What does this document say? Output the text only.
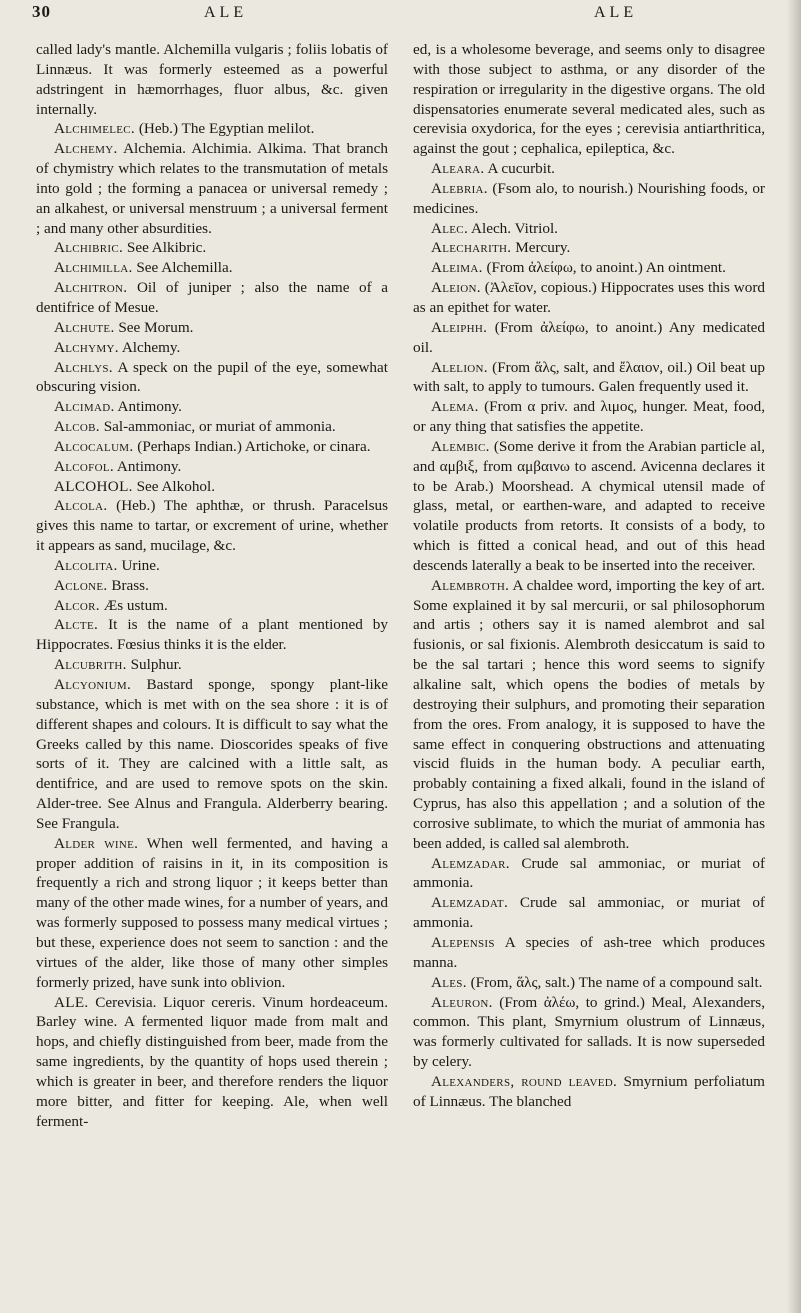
30	ALE	ALE

called lady's mantle. Alchemilla vulgaris ; foliis lobatis of Linnæus. It was formerly esteemed as a powerful adstringent in hæmorrhages, fluor albus, &c. given internally.

Alchimelec. (Heb.) The Egyptian melilot.

Alchemy. Alchemia. Alchimia. Alkima. That branch of chymistry which relates to the transmutation of metals into gold ; the forming a panacea or universal remedy ; an alkahest, or universal menstruum ; a universal ferment ; and many other absurdities.

Alchibric. See Alkibric.

Alchimilla. See Alchemilla.

Alchitron. Oil of juniper ; also the name of a dentifrice of Mesue.

Alchute. See Morum.

Alchymy. Alchemy.

Alchlys. A speck on the pupil of the eye, somewhat obscuring vision.

Alcimad. Antimony.

Alcob. Sal-ammoniac, or muriat of ammonia.

Alcocalum. (Perhaps Indian.) Artichoke, or cinara.

Alcofol. Antimony.

ALCOHOL. See Alkohol.

Alcola. (Heb.) The aphthæ, or thrush. Paracelsus gives this name to tartar, or excrement of urine, whether it appears as sand, mucilage, &c.

Alcolita. Urine.

Aclone. Brass.

Alcor. Æs ustum.

Alcte. It is the name of a plant mentioned by Hippocrates. Fœsius thinks it is the elder.

Alcubrith. Sulphur.

Alcyonium. Bastard sponge, spongy plant-like substance, which is met with on the sea shore : it is of different shapes and colours. It is difficult to say what the Greeks called by this name. Dioscorides speaks of five sorts of it. They are calcined with a little salt, as dentifrice, and are used to remove spots on the skin. Alder-tree. See Alnus and Frangula. Alderberry bearing. See Frangula.

Alder wine. When well fermented, and having a proper addition of raisins in it, in its composition is frequently a rich and strong liquor ; it keeps better than many of the other made wines, for a number of years, and was formerly supposed to possess many medical virtues ; but these, experience does not seem to sanction : and the virtues of the alder, like those of many other simples formerly prized, have sunk into oblivion.

ALE. Cerevisia. Liquor cereris. Vinum hordeaceum. Barley wine. A fermented liquor made from malt and hops, and chiefly distinguished from beer, made from the same ingredients, by the quantity of hops used therein ; which is greater in beer, and therefore renders the liquor more bitter, and fitter for keeping. Ale, when well ferment-

ed, is a wholesome beverage, and seems only to disagree with those subject to asthma, or any disorder of the respiration or irregularity in the digestive organs. The old dispensatories enumerate several medicated ales, such as cerevisia oxydorica, for the eyes ; cerevisia antiarthritica, against the gout ; cephalica, epileptica, &c.

Aleara. A cucurbit.

Alebria. (Fsom alo, to nourish.) Nourishing foods, or medicines.

Alec. Alech. Vitriol.

Alecharith. Mercury.

Aleima. (From ἀλείφω, to anoint.) An ointment.

Aleion. (Ἀλεῖον, copious.) Hippocrates uses this word as an epithet for water.

Aleiphh. (From ἀλείφω, to anoint.) Any medicated oil.

Alelion. (From ἅλς, salt, and ἔλαιον, oil.) Oil beat up with salt, to apply to tumours. Galen frequently used it.

Alema. (From α priv. and λιμος, hunger. Meat, food, or any thing that satisfies the appetite.

Alembic. (Some derive it from the Arabian particle al, and αμβιξ, from αμβαινω to ascend. Avicenna declares it to be Arab.) Moorshead. A chymical utensil made of glass, metal, or earthen-ware, and adapted to receive volatile products from retorts. It consists of a body, to which is fitted a conical head, and out of this head descends laterally a beak to be inserted into the receiver.

Alembroth. A chaldee word, importing the key of art. Some explained it by sal mercurii, or sal philosophorum and artis ; others say it is named alembrot and sal fusionis, or sal fixionis. Alembroth desiccatum is said to be the sal tartari ; hence this word seems to signify alkaline salt, which opens the bodies of metals by destroying their sulphurs, and promoting their separation from the ores. From analogy, it is supposed to have the same effect in conquering obstructions and attenuating viscid fluids in the human body. A peculiar earth, probably containing a fixed alkali, found in the island of Cyprus, has also this appellation ; and a solution of the corrosive sublimate, to which the muriat of ammonia has been added, is called sal alembroth.

Alemzadar. Crude sal ammoniac, or muriat of ammonia.

Alemzadat. Crude sal ammoniac, or muriat of ammonia.

Alepensis A species of ash-tree which produces manna.

Ales. (From, ἅλς, salt.) The name of a compound salt.

Aleuron. (From ἀλέω, to grind.) Meal, Alexanders, common. This plant, Smyrnium olustrum of Linnæus, was formerly cultivated for sallads. It is now superseded by celery.

Alexanders, round leaved. Smyrnium perfoliatum of Linnæus. The blanched
